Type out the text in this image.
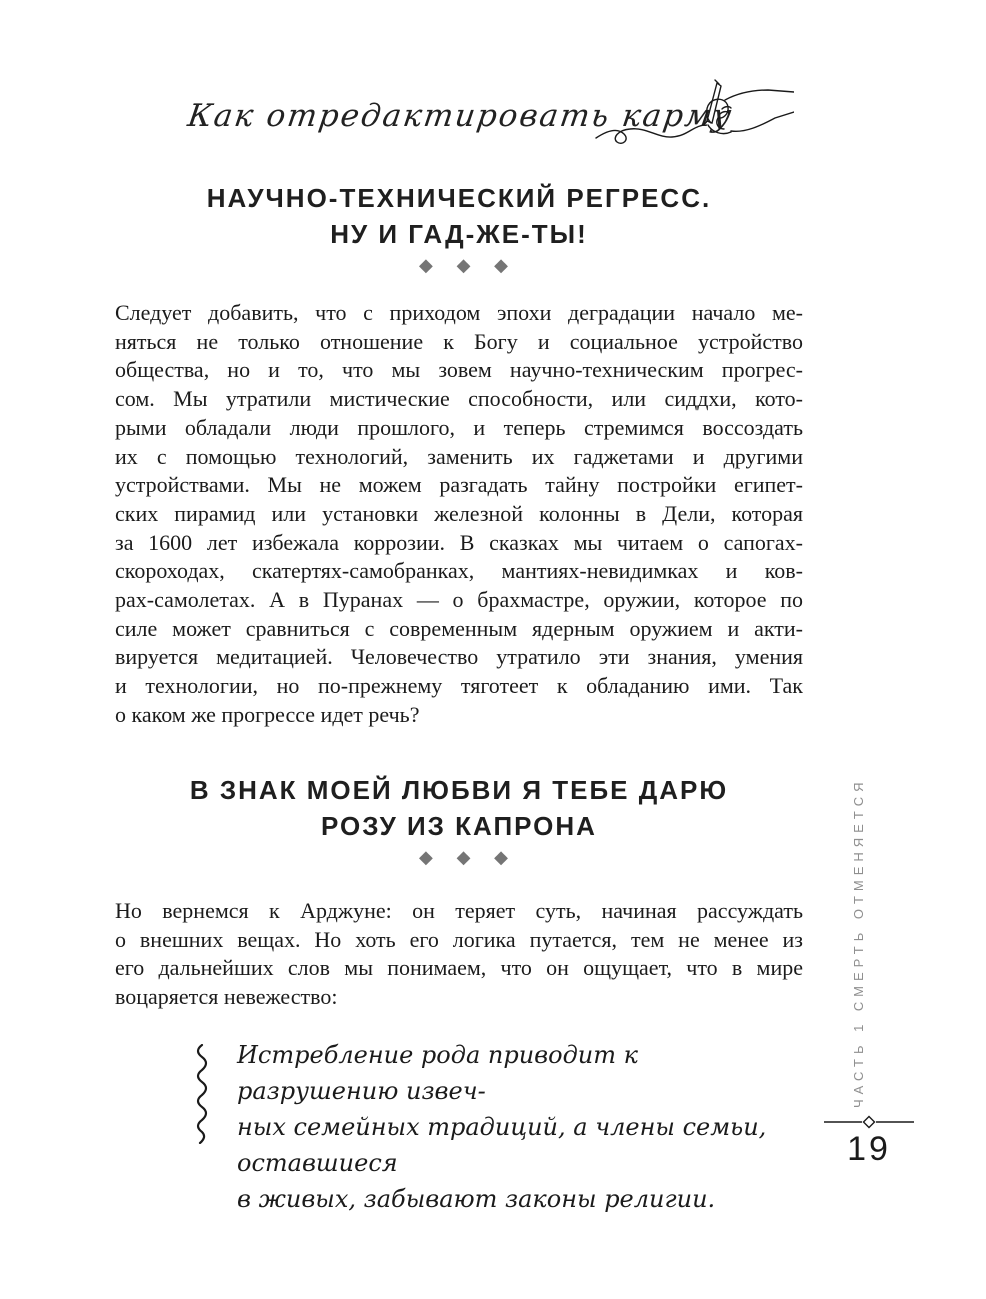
Как отредактировать карму
НАУЧНО-ТЕХНИЧЕСКИЙ РЕГРЕСС.
НУ И ГАД-ЖЕ-ТЫ!
◆ ◆ ◆
Следует добавить, что с приходом эпохи деградации начало ме-
няться не только отношение к Богу и социальное устройство
общества, но и то, что мы зовем научно-техническим прогрес-
сом. Мы утратили мистические способности, или сиддхи, кото-
рыми обладали люди прошлого, и теперь стремимся воссоздать
их с помощью технологий, заменить их гаджетами и другими
устройствами. Мы не можем разгадать тайну постройки египет-
ских пирамид или установки железной колонны в Дели, которая
за 1600 лет избежала коррозии. В сказках мы читаем о сапогах-
скороходах, скатертях-самобранках, мантиях-невидимках и ков-
рах-самолетах. А в Пуранах — о брахмастре, оружии, которое по
силе может сравниться с современным ядерным оружием и акти-
вируется медитацией. Человечество утратило эти знания, умения
и технологии, но по-прежнему тяготеет к обладанию ими. Так
о каком же прогрессе идет речь?
В ЗНАК МОЕЙ ЛЮБВИ Я ТЕБЕ ДАРЮ
РОЗУ ИЗ КАПРОНА
◆ ◆ ◆
Но вернемся к Арджуне: он теряет суть, начиная рассуждать
о внешних вещах. Но хоть его логика путается, тем не менее из
его дальнейших слов мы понимаем, что он ощущает, что в мире
воцаряется невежество:
Истребление рода приводит к разрушению извеч-
ных семейных традиций, а члены семьи, оставшиеся
в живых, забывают законы религии.
ЧАСТЬ 1 СМЕРТЬ ОТМЕНЯЕТСЯ
19
